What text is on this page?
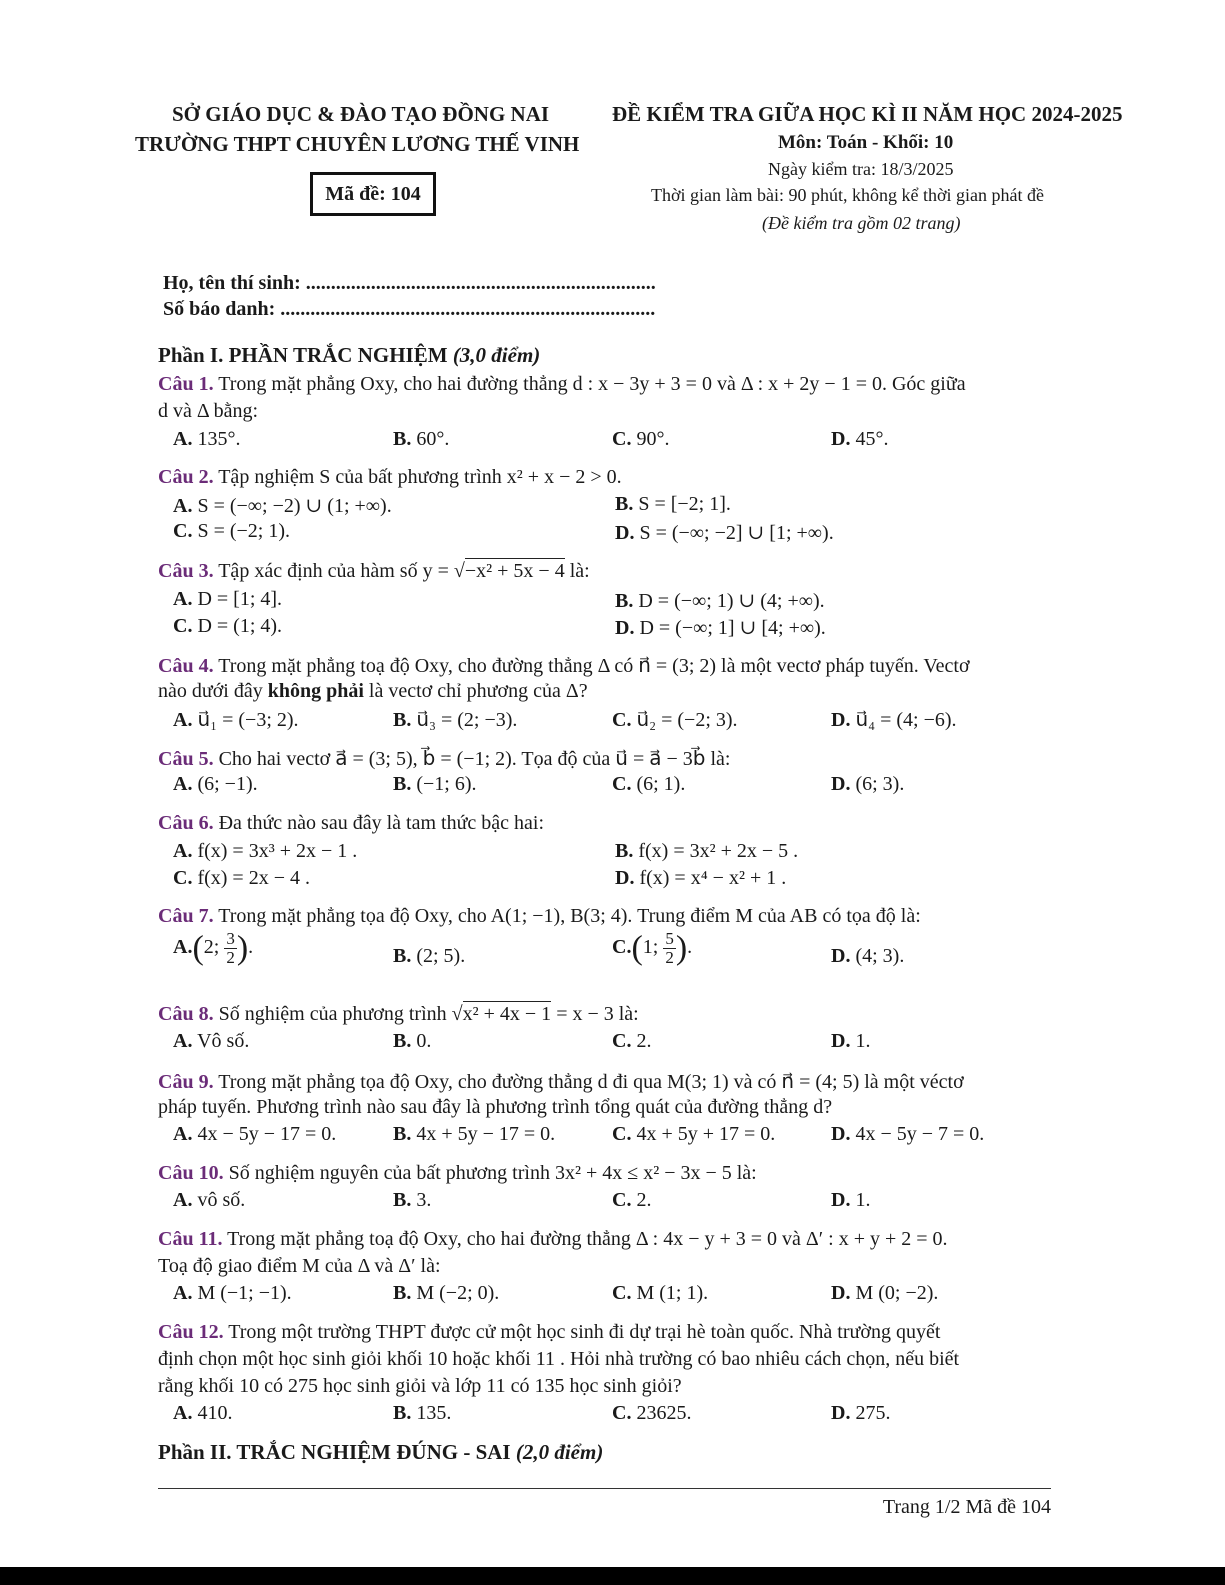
SỞ GIÁO DỤC & ĐÀO TẠO ĐỒNG NAI
TRƯỜNG THPT CHUYÊN LƯƠNG THẾ VINH
ĐỀ KIỂM TRA GIỮA HỌC KÌ II NĂM HỌC 2024-2025
Môn: Toán - Khối: 10
Ngày kiểm tra: 18/3/2025
Thời gian làm bài: 90 phút, không kể thời gian phát đề
(Đề kiểm tra gồm 02 trang)
Mã đề: 104
Họ, tên thí sinh: ......................................................................
Số báo danh: ...........................................................................
Phần I. PHẦN TRẮC NGHIỆM (3,0 điểm)
Câu 1. Trong mặt phẳng Oxy, cho hai đường thẳng d : x − 3y + 3 = 0 và Δ : x + 2y − 1 = 0. Góc giữa
d và Δ bằng:
A. 135°.	B. 60°.	C. 90°.	D. 45°.
Câu 2. Tập nghiệm S của bất phương trình x² + x − 2 > 0.
A. S = (−∞; −2) ∪ (1; +∞).	B. S = [−2; 1].
C. S = (−2; 1).	D. S = (−∞; −2] ∪ [1; +∞).
Câu 3. Tập xác định của hàm số y = √−x² + 5x − 4 là:
A. D = [1; 4].	B. D = (−∞; 1) ∪ (4; +∞).
C. D = (1; 4).	D. D = (−∞; 1] ∪ [4; +∞).
Câu 4. Trong mặt phẳng toạ độ Oxy, cho đường thẳng Δ có n⃗ = (3; 2) là một vectơ pháp tuyến. Vectơ
nào dưới đây không phải là vectơ chỉ phương của Δ?
A. u⃗₁ = (−3; 2).	B. u⃗₃ = (2; −3).	C. u⃗₂ = (−2; 3).	D. u⃗₄ = (4; −6).
Câu 5. Cho hai vectơ a⃗ = (3; 5), b⃗ = (−1; 2). Tọa độ của u⃗ = a⃗ − 3b⃗ là:
A. (6; −1).	B. (−1; 6).	C. (6; 1).	D. (6; 3).
Câu 6. Đa thức nào sau đây là tam thức bậc hai:
A. f(x) = 3x³ + 2x − 1 .	B. f(x) = 3x² + 2x − 5 .
C. f(x) = 2x − 4 .	D. f(x) = x⁴ − x² + 1 .
Câu 7. Trong mặt phẳng tọa độ Oxy, cho A(1; −1), B(3; 4). Trung điểm M của AB có tọa độ là:
A.(2; $\frac{3}{2}$ ).	B. (2; 5).	C.(1; $\frac{5}{2}$ ).	D. (4; 3).
Câu 8. Số nghiệm của phương trình √x² + 4x − 1 = x − 3 là:
A. Vô số.	B. 0.	C. 2.	D. 1.
Câu 9. Trong mặt phẳng tọa độ Oxy, cho đường thẳng d đi qua M(3; 1) và có n⃗ = (4; 5) là một véctơ
pháp tuyến. Phương trình nào sau đây là phương trình tổng quát của đường thẳng d?
A. 4x − 5y − 17 = 0.	B. 4x + 5y − 17 = 0.	C. 4x + 5y + 17 = 0.	D. 4x − 5y − 7 = 0.
Câu 10. Số nghiệm nguyên của bất phương trình 3x² + 4x ≤ x² − 3x − 5 là:
A. vô số.	B. 3.	C. 2.	D. 1.
Câu 11. Trong mặt phẳng toạ độ Oxy, cho hai đường thẳng Δ : 4x − y + 3 = 0 và Δ′ : x + y + 2 = 0.
Toạ độ giao điểm M của Δ và Δ′ là:
A. M (−1; −1).	B. M (−2; 0).	C. M (1; 1).	D. M (0; −2).
Câu 12. Trong một trường THPT được cử một học sinh đi dự trại hè toàn quốc. Nhà trường quyết
định chọn một học sinh giỏi khối 10 hoặc khối 11 . Hỏi nhà trường có bao nhiêu cách chọn, nếu biết
rằng khối 10 có 275 học sinh giỏi và lớp 11 có 135 học sinh giỏi?
A. 410.	B. 135.	C. 23625.	D. 275.
Phần II. TRẮC NGHIỆM ĐÚNG - SAI (2,0 điểm)
Trang 1/2 Mã đề 104
